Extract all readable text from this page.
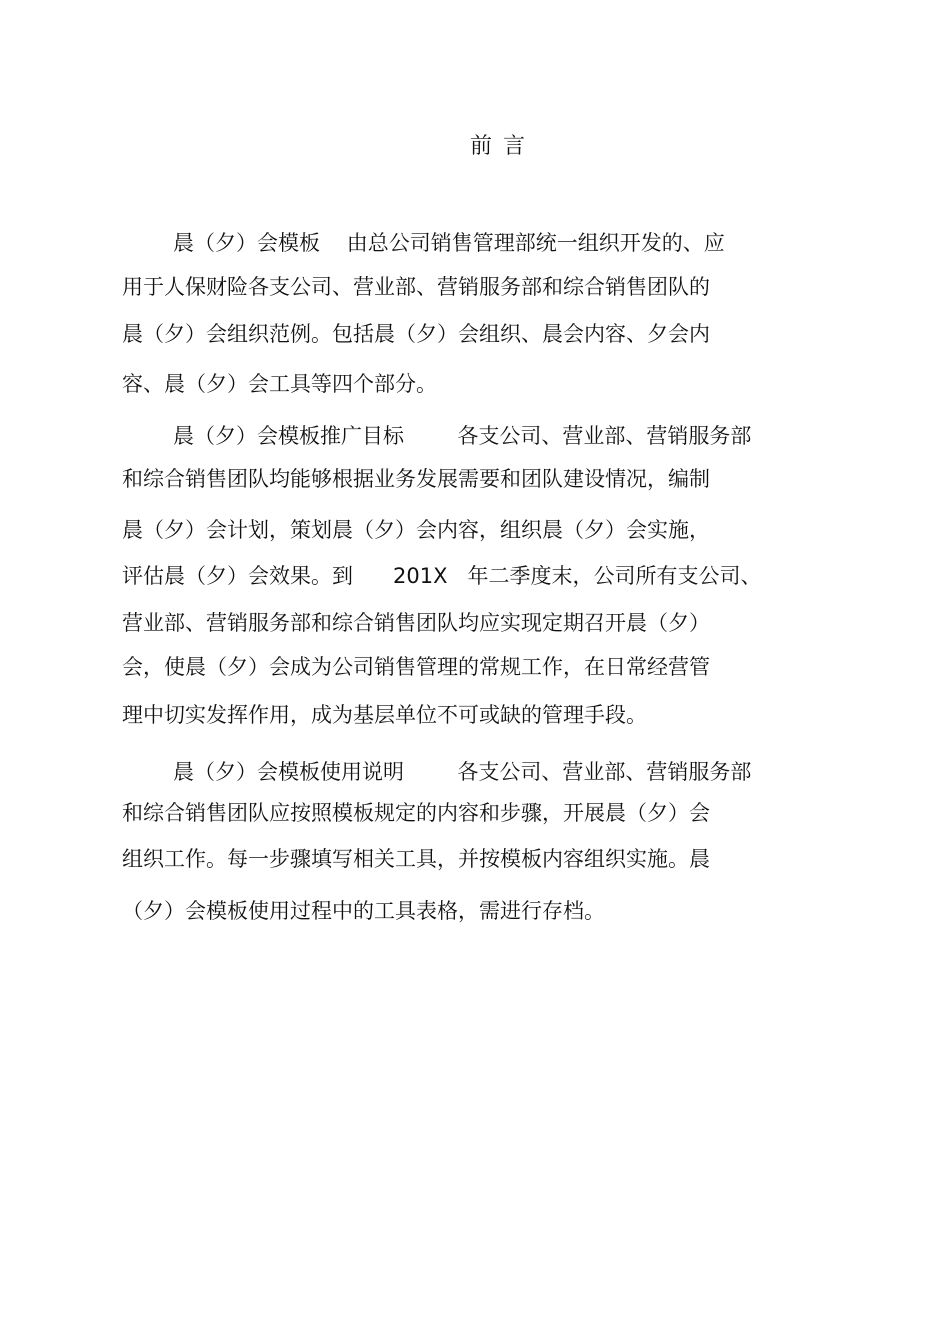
前 言
晨（夕）会模板    由总公司销售管理部统一组织开发的、应
用于人保财险各支公司、营业部、营销服务部和综合销售团队的
晨（夕）会组织范例。包括晨（夕）会组织、晨会内容、夕会内
容、晨（夕）会工具等四个部分。
晨（夕）会模板推广目标        各支公司、营业部、营销服务部
和综合销售团队均能够根据业务发展需要和团队建设情况，编制
晨（夕）会计划，策划晨（夕）会内容，组织晨（夕）会实施，
评估晨（夕）会效果。到      201X   年二季度末，公司所有支公司、
营业部、营销服务部和综合销售团队均应实现定期召开晨（夕）
会，使晨（夕）会成为公司销售管理的常规工作，在日常经营管
理中切实发挥作用，成为基层单位不可或缺的管理手段。
晨（夕）会模板使用说明        各支公司、营业部、营销服务部
和综合销售团队应按照模板规定的内容和步骤，开展晨（夕）会
组织工作。每一步骤填写相关工具，并按模板内容组织实施。晨
（夕）会模板使用过程中的工具表格，需进行存档。
